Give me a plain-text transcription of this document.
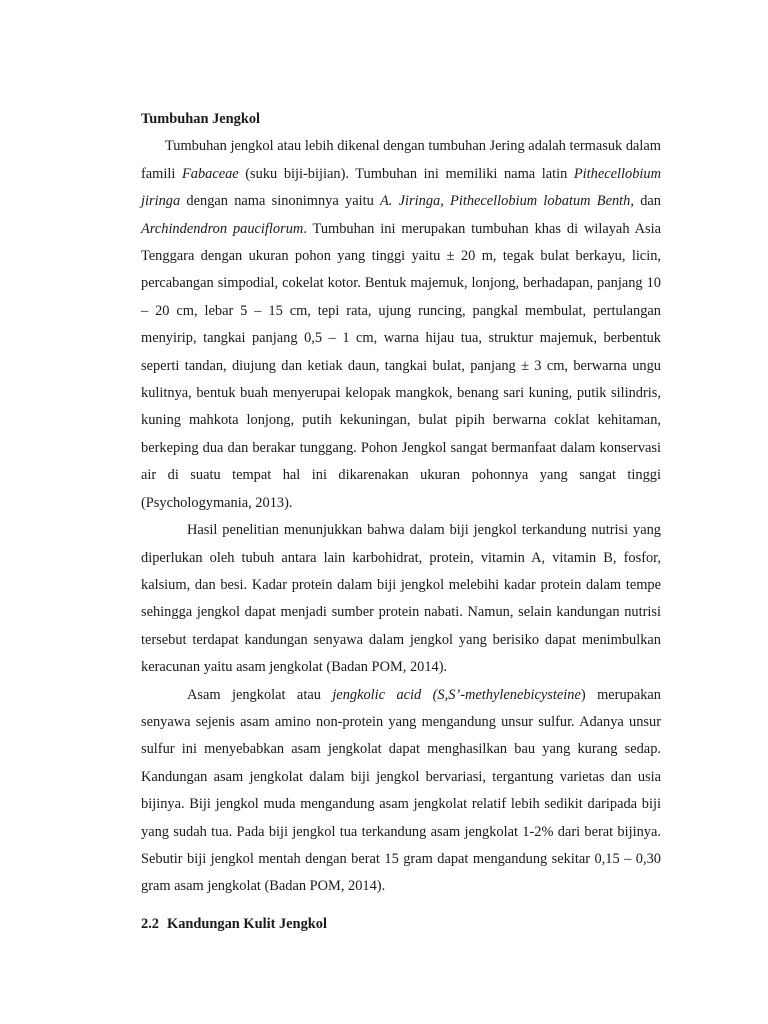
Tumbuhan Jengkol

Tumbuhan jengkol atau lebih dikenal dengan tumbuhan Jering adalah termasuk dalam famili Fabaceae (suku biji-bijian). Tumbuhan ini memiliki nama latin Pithecellobium jiringa dengan nama sinonimnya yaitu A. Jiringa, Pithecellobium lobatum Benth, dan Archindendron pauciflorum. Tumbuhan ini merupakan tumbuhan khas di wilayah Asia Tenggara dengan ukuran pohon yang tinggi yaitu ± 20 m, tegak bulat berkayu, licin, percabangan simpodial, cokelat kotor. Bentuk majemuk, lonjong, berhadapan, panjang 10 – 20 cm, lebar 5 – 15 cm, tepi rata, ujung runcing, pangkal membulat, pertulangan menyirip, tangkai panjang 0,5 – 1 cm, warna hijau tua, struktur majemuk, berbentuk seperti tandan, diujung dan ketiak daun, tangkai bulat, panjang ± 3 cm, berwarna ungu kulitnya, bentuk buah menyerupai kelopak mangkok, benang sari kuning, putik silindris, kuning mahkota lonjong, putih kekuningan, bulat pipih berwarna coklat kehitaman, berkeping dua dan berakar tunggang. Pohon Jengkol sangat bermanfaat dalam konservasi air di suatu tempat hal ini dikarenakan ukuran pohonnya yang sangat tinggi (Psychologymania, 2013).

Hasil penelitian menunjukkan bahwa dalam biji jengkol terkandung nutrisi yang diperlukan oleh tubuh antara lain karbohidrat, protein, vitamin A, vitamin B, fosfor, kalsium, dan besi. Kadar protein dalam biji jengkol melebihi kadar protein dalam tempe sehingga jengkol dapat menjadi sumber protein nabati. Namun, selain kandungan nutrisi tersebut terdapat kandungan senyawa dalam jengkol yang berisiko dapat menimbulkan keracunan yaitu asam jengkolat (Badan POM, 2014).

Asam jengkolat atau jengkolic acid (S,S’-methylenebicysteine) merupakan senyawa sejenis asam amino non-protein yang mengandung unsur sulfur. Adanya unsur sulfur ini menyebabkan asam jengkolat dapat menghasilkan bau yang kurang sedap. Kandungan asam jengkolat dalam biji jengkol bervariasi, tergantung varietas dan usia bijinya. Biji jengkol muda mengandung asam jengkolat relatif lebih sedikit daripada biji yang sudah tua. Pada biji jengkol tua terkandung asam jengkolat 1-2% dari berat bijinya. Sebutir biji jengkol mentah dengan berat 15 gram dapat mengandung sekitar 0,15 – 0,30 gram asam jengkolat (Badan POM, 2014).

2.2 Kandungan Kulit Jengkol
